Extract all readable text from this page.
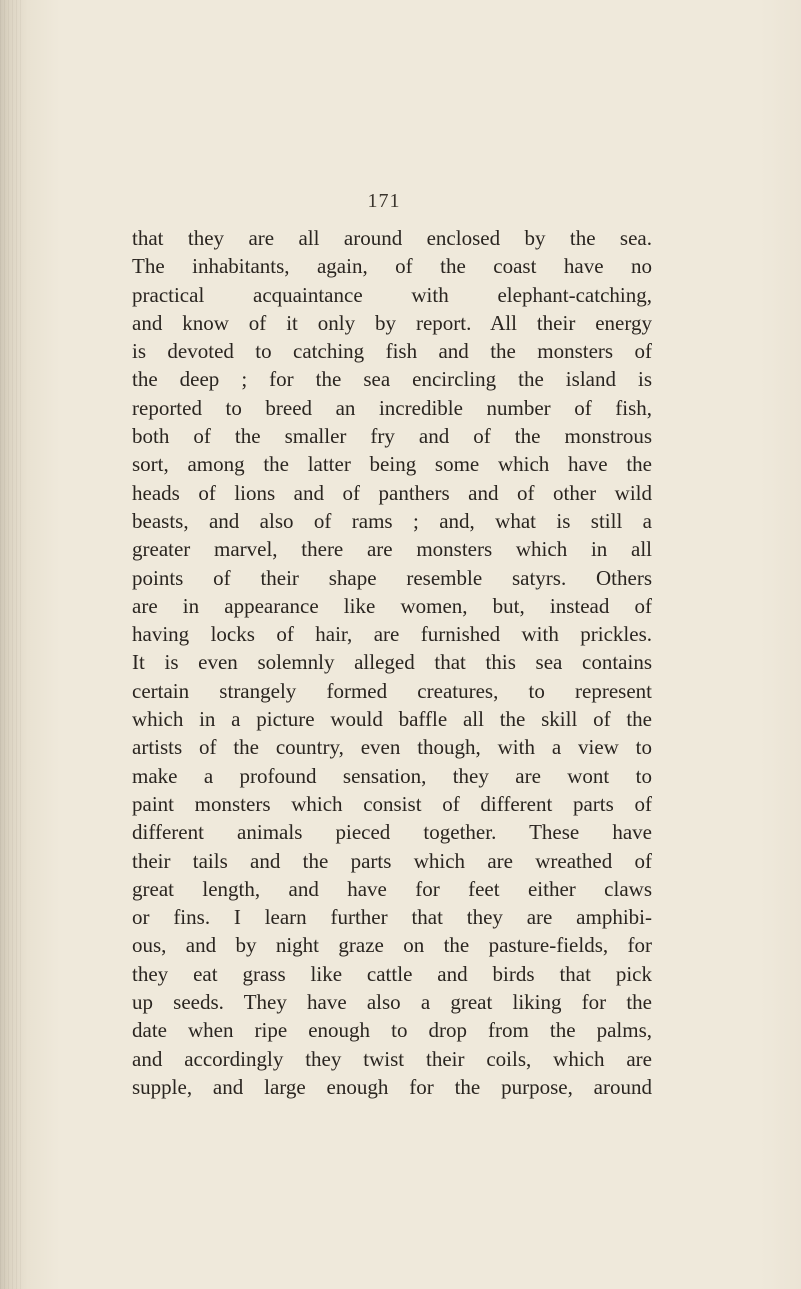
171
that they are all around enclosed by the sea.
The inhabitants, again, of the coast have no
practical acquaintance with elephant-catching,
and know of it only by report. All their energy
is devoted to catching fish and the monsters of
the deep ; for the sea encircling the island is
reported to breed an incredible number of fish,
both of the smaller fry and of the monstrous
sort, among the latter being some which have the
heads of lions and of panthers and of other wild
beasts, and also of rams ; and, what is still a
greater marvel, there are monsters which in all
points of their shape resemble satyrs. Others
are in appearance like women, but, instead of
having locks of hair, are furnished with prickles.
It is even solemnly alleged that this sea contains
certain strangely formed creatures, to represent
which in a picture would baffle all the skill of the
artists of the country, even though, with a view to
make a profound sensation, they are wont to
paint monsters which consist of different parts of
different animals pieced together. These have
their tails and the parts which are wreathed of
great length, and have for feet either claws
or fins. I learn further that they are amphibi-
ous, and by night graze on the pasture-fields, for
they eat grass like cattle and birds that pick
up seeds. They have also a great liking for the
date when ripe enough to drop from the palms,
and accordingly they twist their coils, which are
supple, and large enough for the purpose, around
